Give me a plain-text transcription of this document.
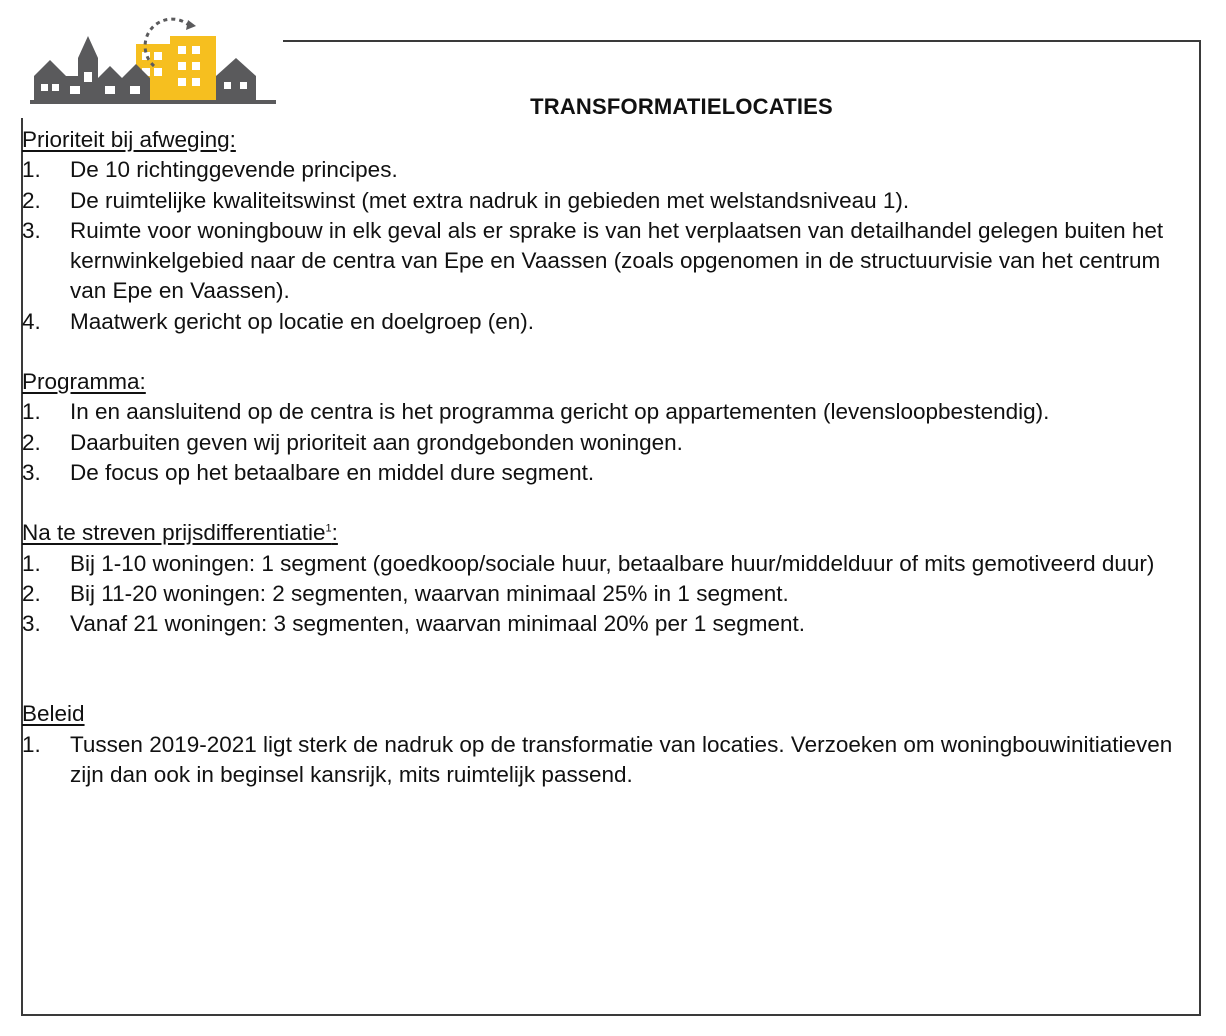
TRANSFORMATIELOCATIES
Prioriteit bij afweging:
1. De 10 richtinggevende principes.
2. De ruimtelijke kwaliteitswinst (met extra nadruk in gebieden met welstandsniveau 1).
3. Ruimte voor woningbouw in elk geval als er sprake is van het verplaatsen van detailhandel gelegen buiten het kernwinkelgebied naar de centra van Epe en Vaassen (zoals opgenomen in de structuurvisie van het centrum van Epe en Vaassen).
4. Maatwerk gericht op locatie en doelgroep (en).
Programma:
1. In en aansluitend op de centra is het programma gericht op appartementen (levensloopbestendig).
2. Daarbuiten geven wij prioriteit aan grondgebonden woningen.
3. De focus op het betaalbare en middel dure segment.
Na te streven prijsdifferentiatie$^1$:
1. Bij 1-10 woningen: 1 segment (goedkoop/sociale huur, betaalbare huur/middelduur of mits gemotiveerd duur)
2. Bij 11-20 woningen: 2 segmenten, waarvan minimaal 25% in 1 segment.
3. Vanaf 21 woningen: 3 segmenten, waarvan minimaal 20% per 1 segment.
Beleid
1. Tussen 2019-2021 ligt sterk de nadruk op de transformatie van locaties. Verzoeken om woningbouwinitiatieven zijn dan ook in beginsel kansrijk, mits ruimtelijk passend.
